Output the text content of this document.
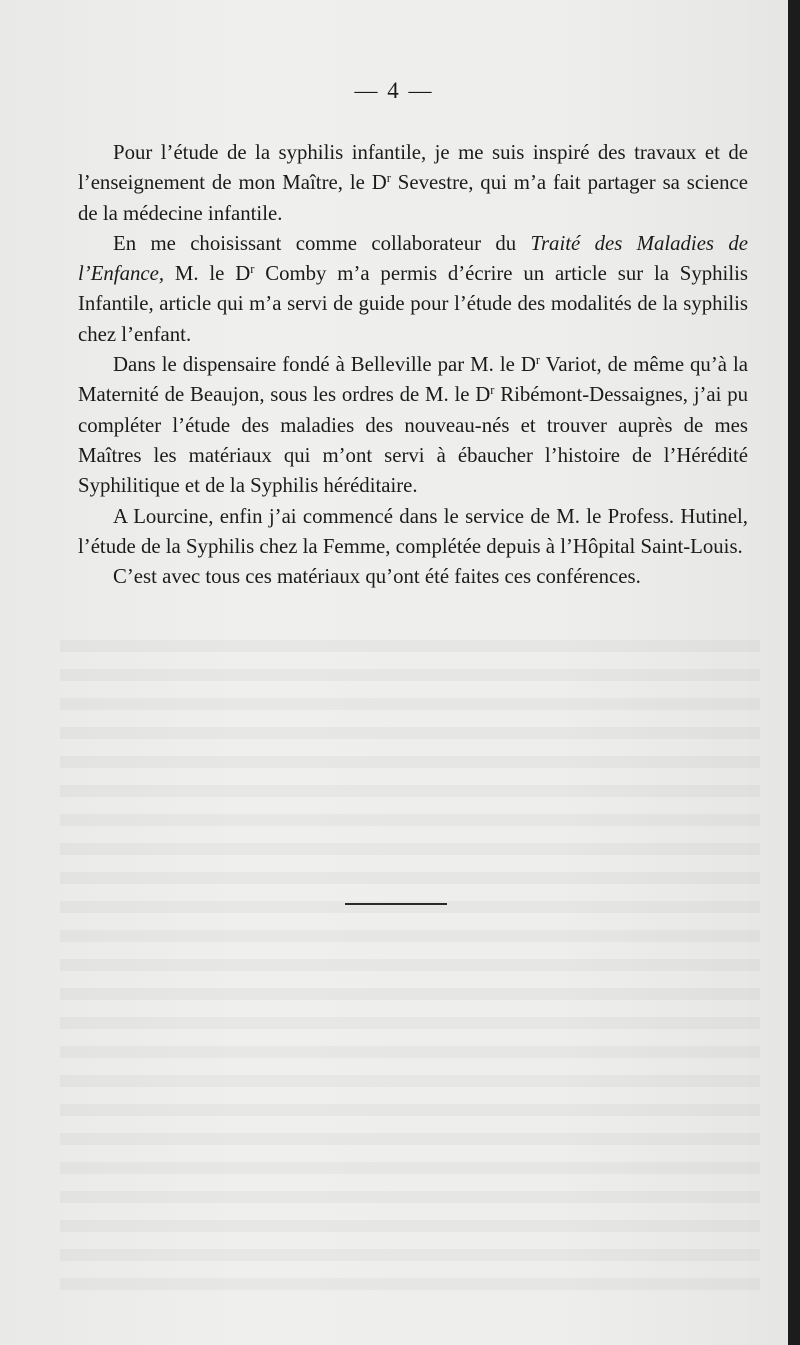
— 4 —

Pour l’étude de la syphilis infantile, je me suis inspiré des travaux et de l’enseignement de mon Maître, le $D^r$ Sevestre, qui m’a fait partager sa science de la médecine infantile.

En me choisissant comme collaborateur du Traité des Maladies de l’Enfance, M. le $D^r$ Comby m’a permis d’écrire un article sur la Syphilis Infantile, article qui m’a servi de guide pour l’étude des modalités de la syphilis chez l’enfant.

Dans le dispensaire fondé à Belleville par M. le $D^r$ Variot, de même qu’à la Maternité de Beaujon, sous les ordres de M. le $D^r$ Ribémont-Dessaignes, j’ai pu compléter l’étude des maladies des nouveau-nés et trouver auprès de mes Maîtres les matériaux qui m’ont servi à ébaucher l’histoire de l’Hérédité Syphilitique et de la Syphilis héréditaire.

A Lourcine, enfin j’ai commencé dans le service de M. le Profess. Hutinel, l’étude de la Syphilis chez la Femme, complétée depuis à l’Hôpital Saint-Louis.

C’est avec tous ces matériaux qu’ont été faites ces conférences.
